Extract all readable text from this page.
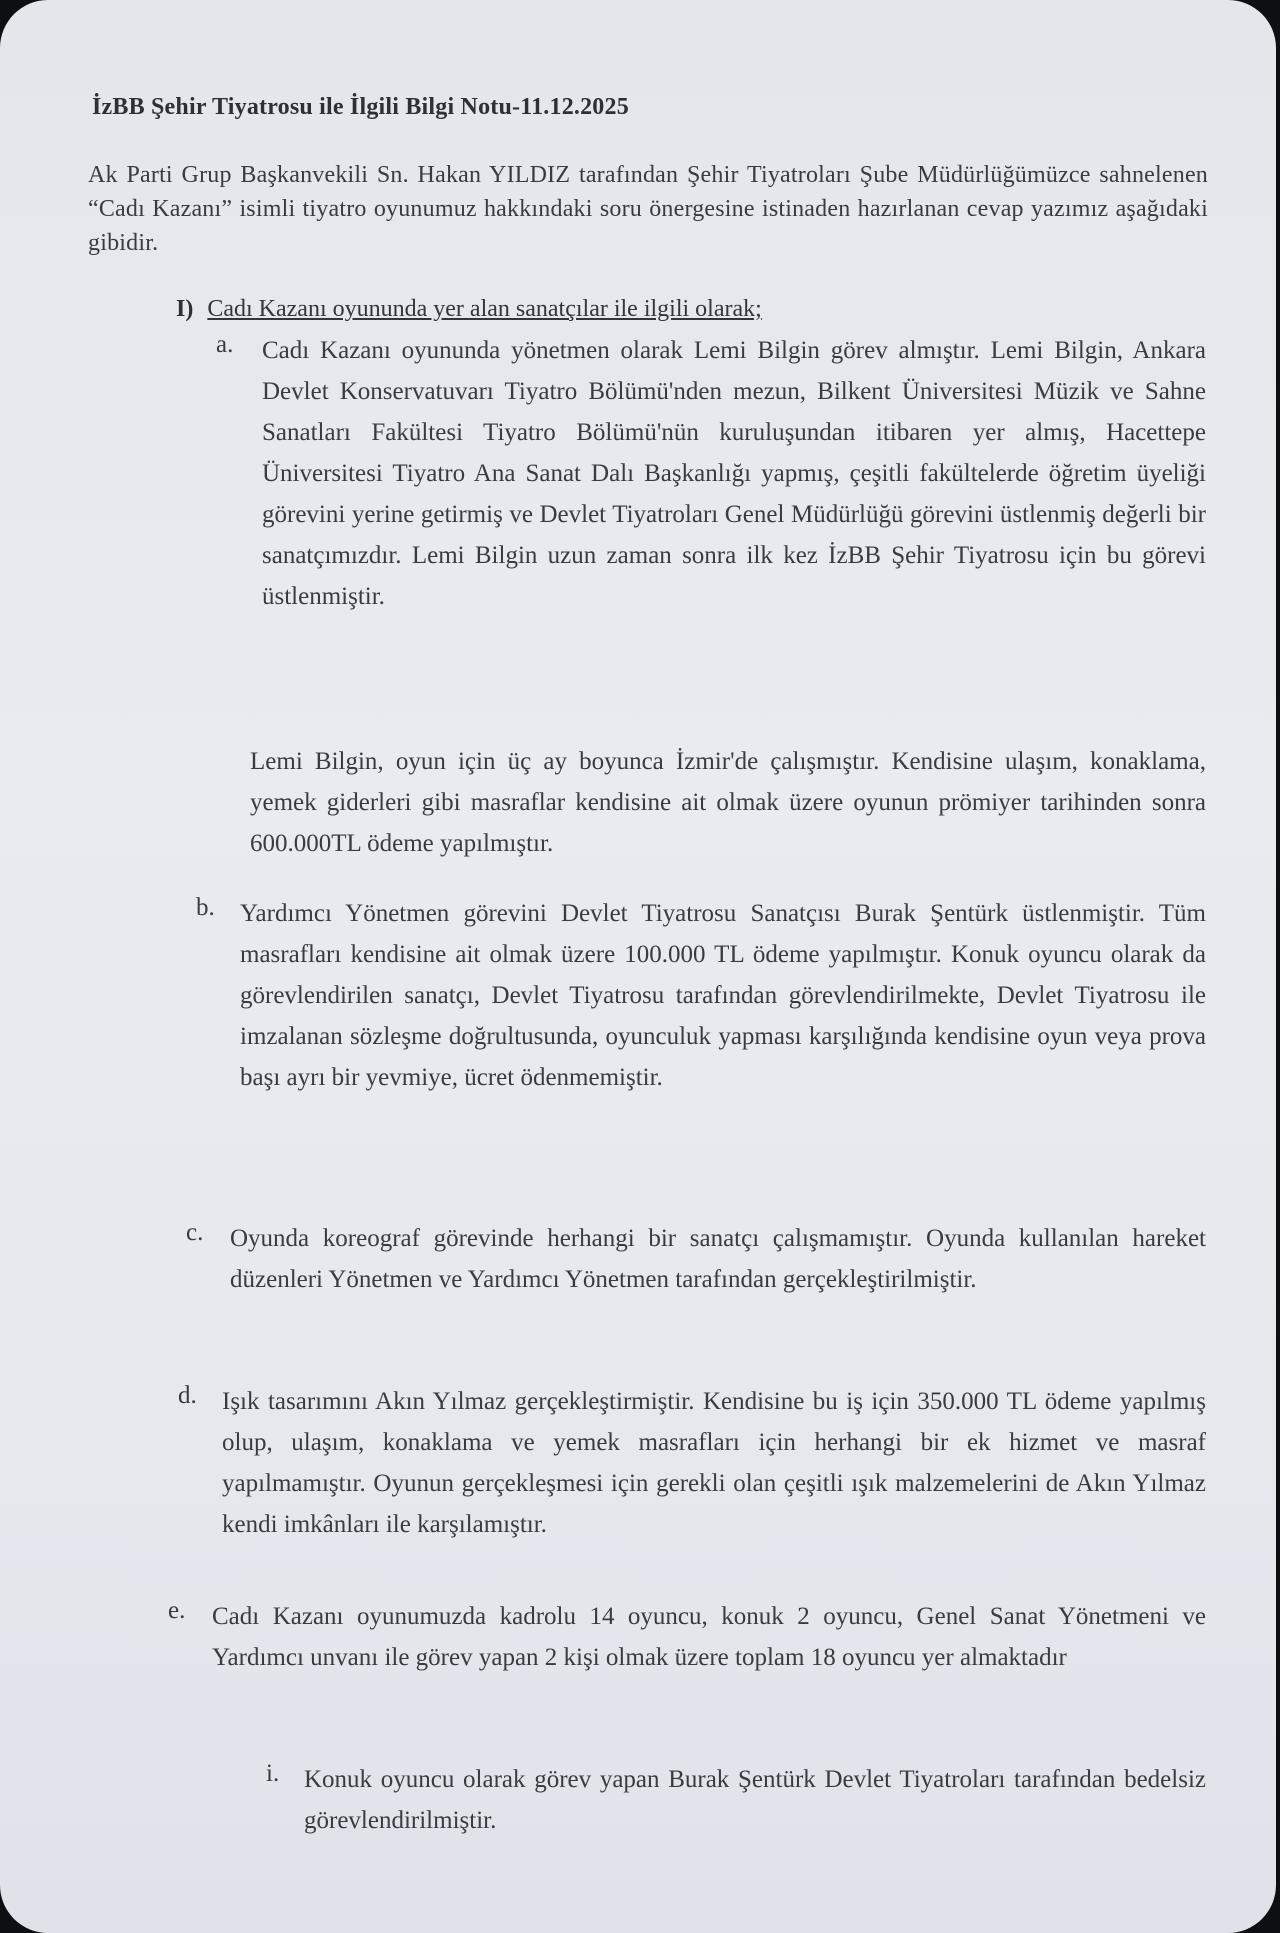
İzBB Şehir Tiyatrosu ile İlgili Bilgi Notu-11.12.2025

Ak Parti Grup Başkanvekili Sn. Hakan YILDIZ tarafından Şehir Tiyatroları Şube Müdürlüğümüzce sahnelenen “Cadı Kazanı” isimli tiyatro oyunumuz hakkındaki soru önergesine istinaden hazırlanan cevap yazımız aşağıdaki gibidir.

I) Cadı Kazanı oyununda yer alan sanatçılar ile ilgili olarak;
a. Cadı Kazanı oyununda yönetmen olarak Lemi Bilgin görev almıştır. Lemi Bilgin, Ankara Devlet Konservatuvarı Tiyatro Bölümü'nden mezun, Bilkent Üniversitesi Müzik ve Sahne Sanatları Fakültesi Tiyatro Bölümü'nün kuruluşundan itibaren yer almış, Hacettepe Üniversitesi Tiyatro Ana Sanat Dalı Başkanlığı yapmış, çeşitli fakültelerde öğretim üyeliği görevini yerine getirmiş ve Devlet Tiyatroları Genel Müdürlüğü görevini üstlenmiş değerli bir sanatçımızdır. Lemi Bilgin uzun zaman sonra ilk kez İzBB Şehir Tiyatrosu için bu görevi üstlenmiştir.

Lemi Bilgin, oyun için üç ay boyunca İzmir'de çalışmıştır. Kendisine ulaşım, konaklama, yemek giderleri gibi masraflar kendisine ait olmak üzere oyunun prömiyer tarihinden sonra 600.000TL ödeme yapılmıştır.

b. Yardımcı Yönetmen görevini Devlet Tiyatrosu Sanatçısı Burak Şentürk üstlenmiştir. Tüm masrafları kendisine ait olmak üzere 100.000 TL ödeme yapılmıştır. Konuk oyuncu olarak da görevlendirilen sanatçı, Devlet Tiyatrosu tarafından görevlendirilmekte, Devlet Tiyatrosu ile imzalanan sözleşme doğrultusunda, oyunculuk yapması karşılığında kendisine oyun veya prova başı ayrı bir yevmiye, ücret ödenmemiştir.

c. Oyunda koreograf görevinde herhangi bir sanatçı çalışmamıştır. Oyunda kullanılan hareket düzenleri Yönetmen ve Yardımcı Yönetmen tarafından gerçekleştirilmiştir.

d. Işık tasarımını Akın Yılmaz gerçekleştirmiştir. Kendisine bu iş için 350.000 TL ödeme yapılmış olup, ulaşım, konaklama ve yemek masrafları için herhangi bir ek hizmet ve masraf yapılmamıştır. Oyunun gerçekleşmesi için gerekli olan çeşitli ışık malzemelerini de Akın Yılmaz kendi imkânları ile karşılamıştır.

e. Cadı Kazanı oyunumuzda kadrolu 14 oyuncu, konuk 2 oyuncu, Genel Sanat Yönetmeni ve Yardımcı unvanı ile görev yapan 2 kişi olmak üzere toplam 18 oyuncu yer almaktadır

i. Konuk oyuncu olarak görev yapan Burak Şentürk Devlet Tiyatroları tarafından bedelsiz görevlendirilmiştir.
